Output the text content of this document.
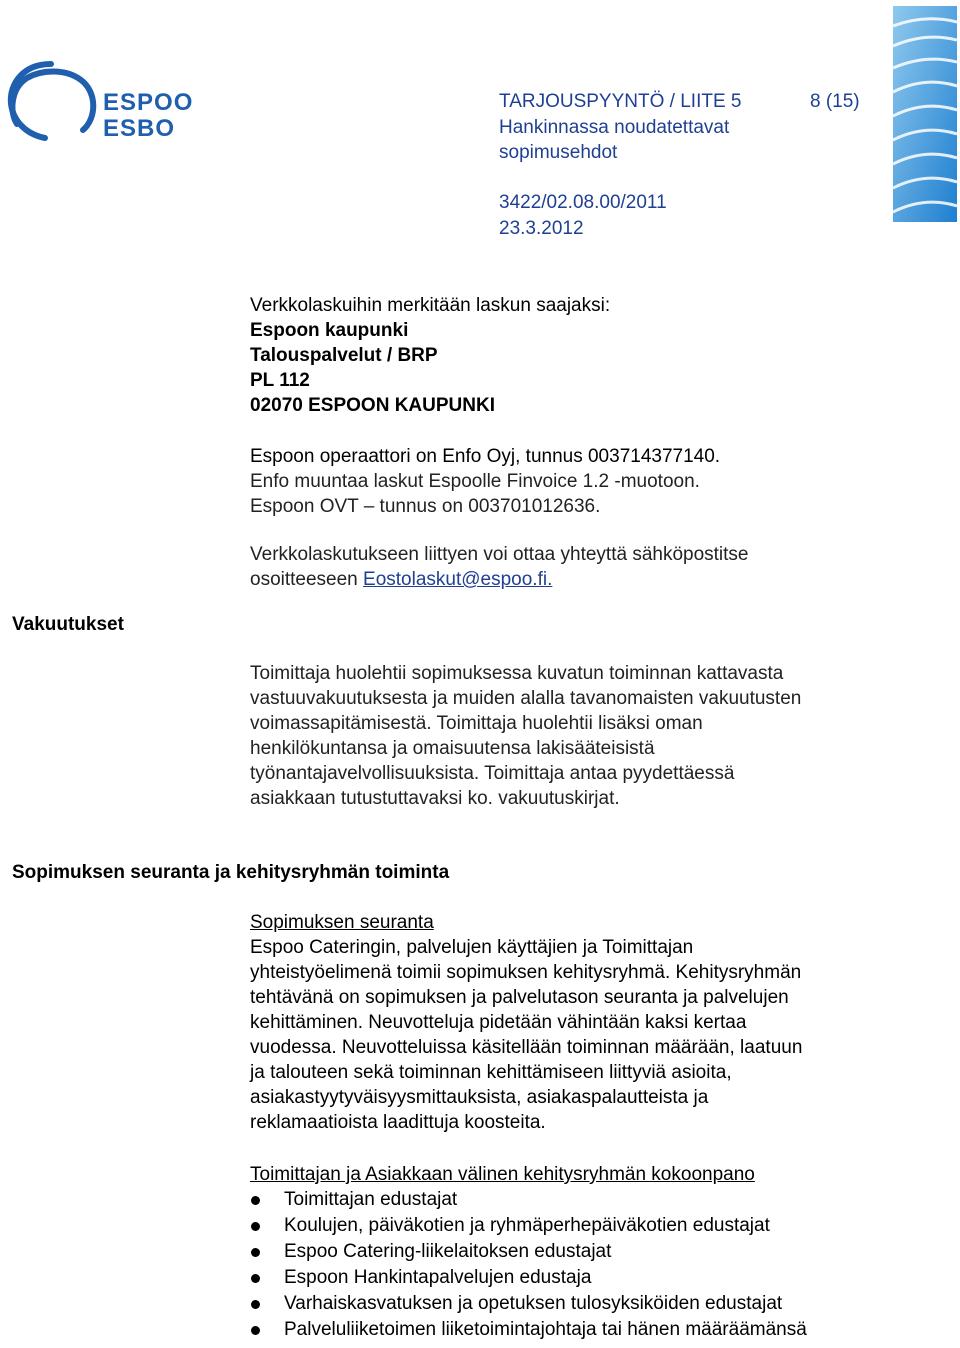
ESPOO
ESBO
TARJOUSPYYNTÖ / LIITE 5	8 (15)
Hankinnassa noudatettavat
sopimusehdot
3422/02.08.00/2011
23.3.2012
Verkkolaskuihin merkitään laskun saajaksi:
Espoon kaupunki
Talouspalvelut / BRP
PL 112
02070 ESPOON KAUPUNKI
Espoon operaattori on Enfo Oyj, tunnus 003714377140.
Enfo muuntaa laskut Espoolle Finvoice 1.2 -muotoon.
Espoon OVT – tunnus on 003701012636.
Verkkolaskutukseen liittyen voi ottaa yhteyttä sähköpostitse
osoitteeseen Eostolaskut@espoo.fi.
Vakuutukset
Toimittaja huolehtii sopimuksessa kuvatun toiminnan kattavasta
vastuuvakuutuksesta ja muiden alalla tavanomaisten vakuutusten
voimassapitämisestä. Toimittaja huolehtii lisäksi oman
henkilökuntansa ja omaisuutensa lakisääteisistä
työnantajavelvollisuuksista. Toimittaja antaa pyydettäessä
asiakkaan tutustuttavaksi ko. vakuutuskirjat.
Sopimuksen seuranta ja kehitysryhmän toiminta
Sopimuksen seuranta
Espoo Cateringin, palvelujen käyttäjien ja Toimittajan
yhteistyöelimenä toimii sopimuksen kehitysryhmä. Kehitysryhmän
tehtävänä on sopimuksen ja palvelutason seuranta ja palvelujen
kehittäminen. Neuvotteluja pidetään vähintään kaksi kertaa
vuodessa. Neuvotteluissa käsitellään toiminnan määrään, laatuun
ja talouteen sekä toiminnan kehittämiseen liittyviä asioita,
asiakastyytyväisyysmittauksista, asiakaspalautteista ja
reklamaatioista laadittuja koosteita.
Toimittajan ja Asiakkaan välinen kehitysryhmän kokoonpano
Toimittajan edustajat
Koulujen, päiväkotien ja ryhmäperhepäiväkotien edustajat
Espoo Catering-liikelaitoksen edustajat
Espoon Hankintapalvelujen edustaja
Varhaiskasvatuksen ja opetuksen tulosyksiköiden edustajat
Palveluliiketoimen liiketoimintajohtaja tai hänen määräämänsä
